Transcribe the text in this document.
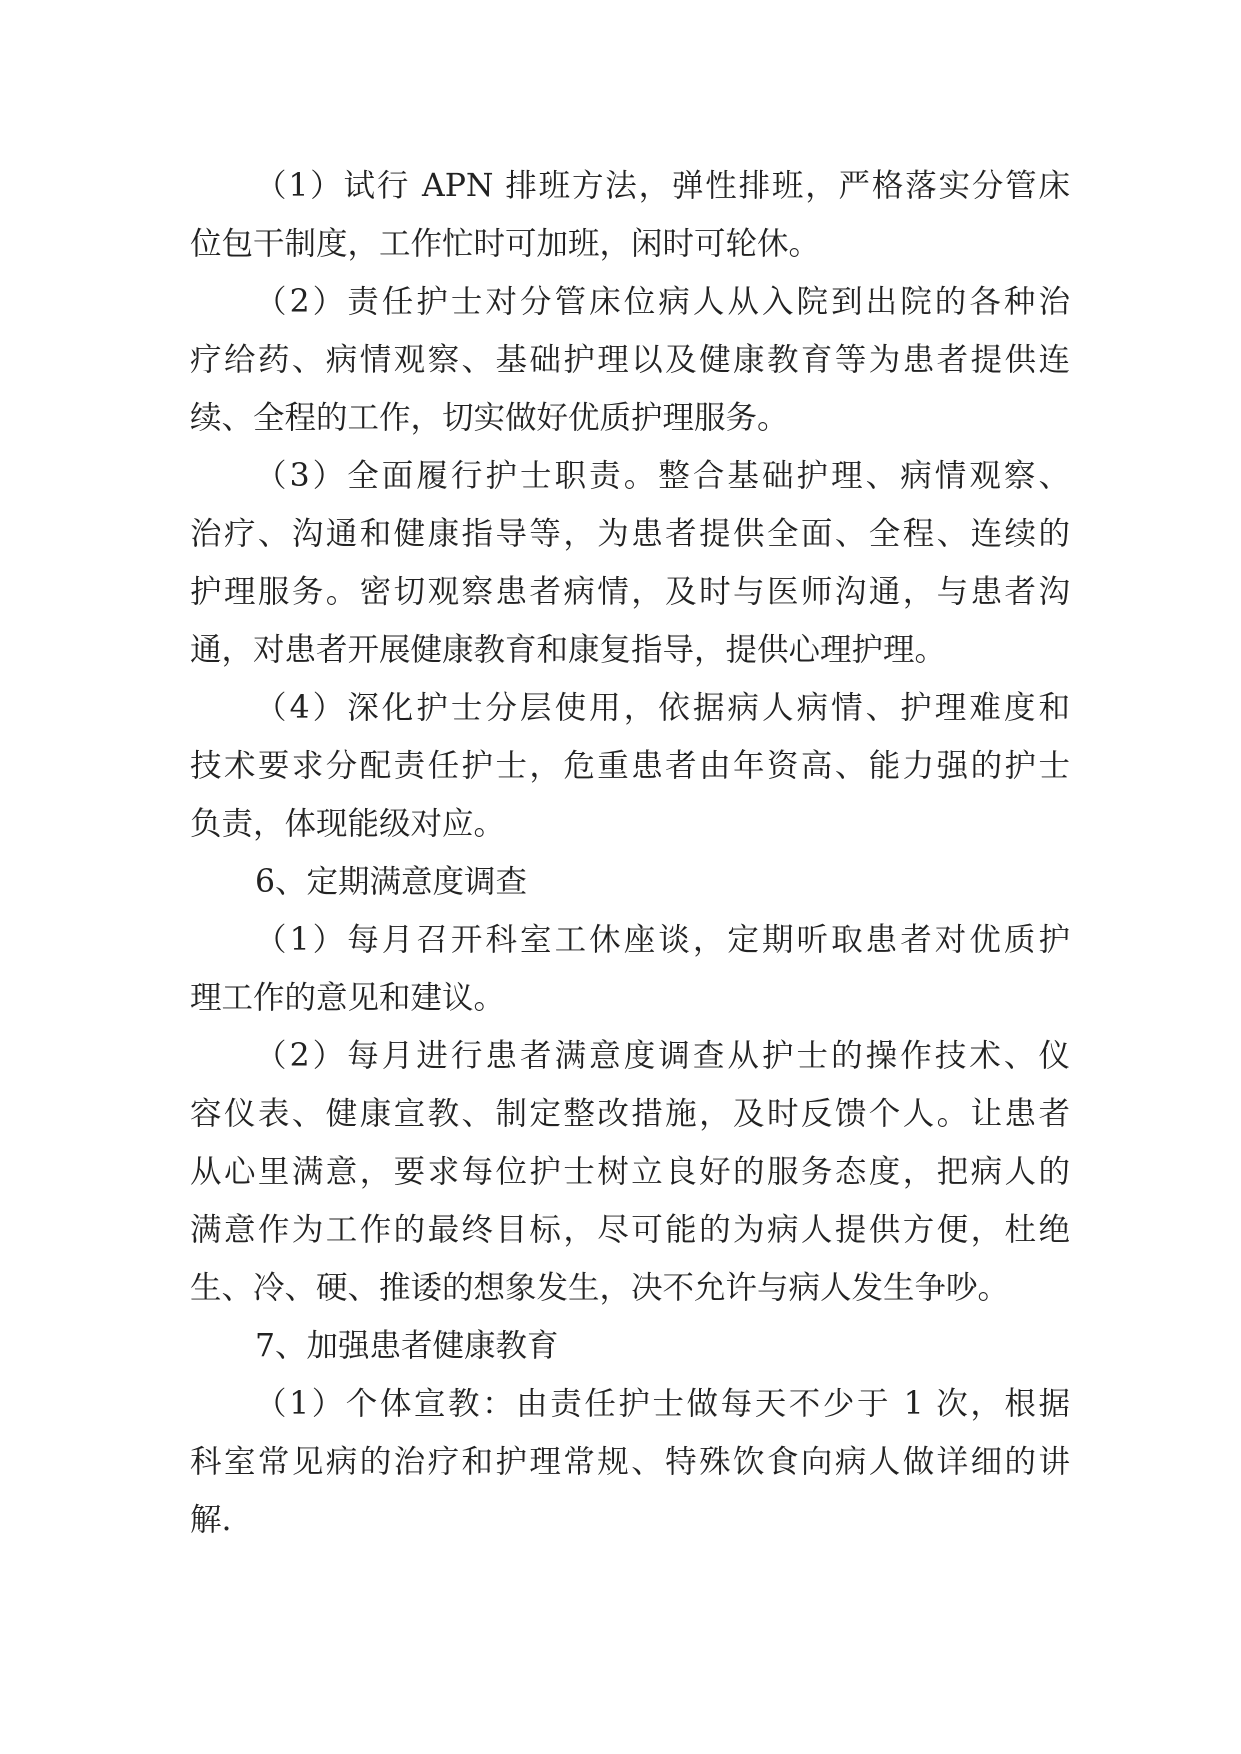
（1）试行 APN 排班方法，弹性排班，严格落实分管床
位包干制度，工作忙时可加班，闲时可轮休。
（2）责任护士对分管床位病人从入院到出院的各种治
疗给药、病情观察、基础护理以及健康教育等为患者提供连
续、全程的工作，切实做好优质护理服务。
（3）全面履行护士职责。整合基础护理、病情观察、
治疗、沟通和健康指导等，为患者提供全面、全程、连续的
护理服务。密切观察患者病情，及时与医师沟通，与患者沟
通，对患者开展健康教育和康复指导，提供心理护理。
（4）深化护士分层使用，依据病人病情、护理难度和
技术要求分配责任护士，危重患者由年资高、能力强的护士
负责，体现能级对应。
6、定期满意度调查
（1）每月召开科室工休座谈，定期听取患者对优质护
理工作的意见和建议。
（2）每月进行患者满意度调查从护士的操作技术、仪
容仪表、健康宣教、制定整改措施，及时反馈个人。让患者
从心里满意，要求每位护士树立良好的服务态度，把病人的
满意作为工作的最终目标，尽可能的为病人提供方便，杜绝
生、冷、硬、推诿的想象发生，决不允许与病人发生争吵。
7、加强患者健康教育
（1）个体宣教：由责任护士做每天不少于 1 次，根据
科室常见病的治疗和护理常规、特殊饮食向病人做详细的讲
解.
